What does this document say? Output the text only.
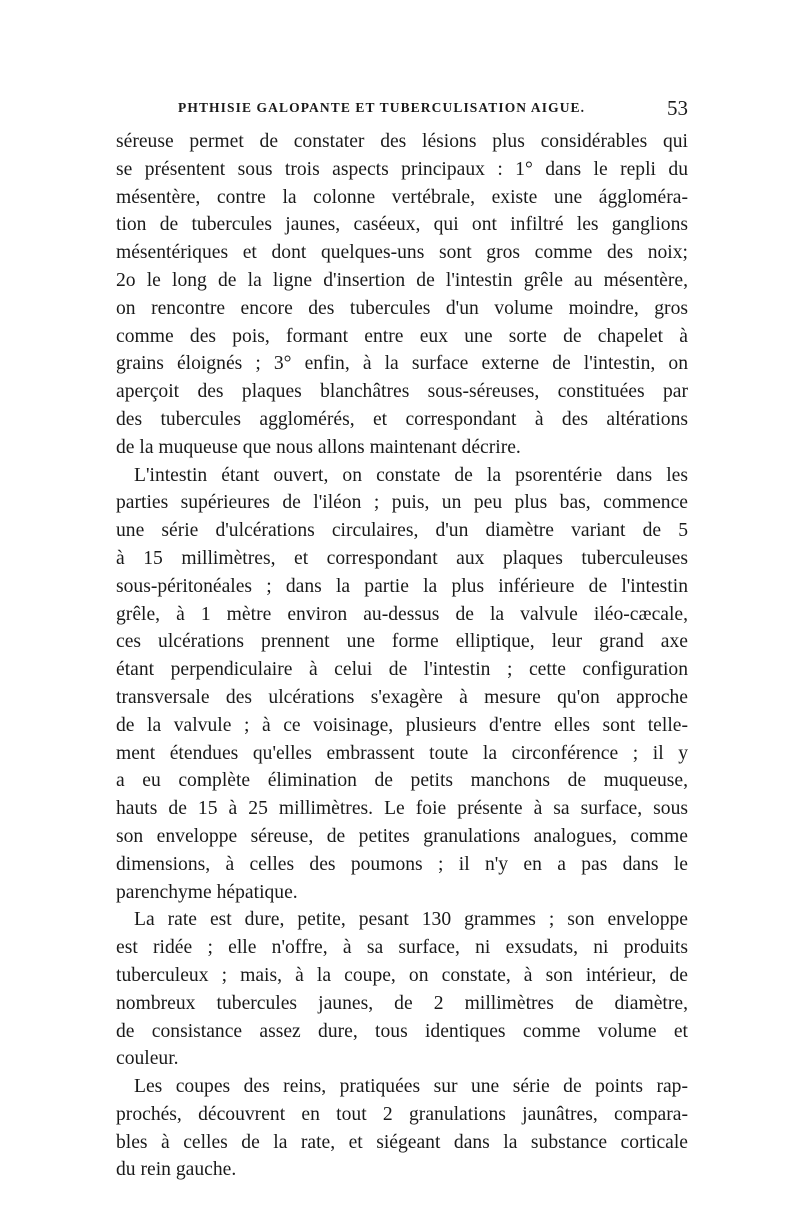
PHTHISIE GALOPANTE ET TUBERCULISATION AIGUE.	53

séreuse permet de constater des lésions plus considérables qui
se présentent sous trois aspects principaux : 1° dans le repli du
mésentère, contre la colonne vertébrale, existe une ággloméra-
tion de tubercules jaunes, caséeux, qui ont infiltré les ganglions
mésentériques et dont quelques-uns sont gros comme des noix;
2o le long de la ligne d'insertion de l'intestin grêle au mésentère,
on rencontre encore des tubercules d'un volume moindre, gros
comme des pois, formant entre eux une sorte de chapelet à
grains éloignés ; 3° enfin, à la surface externe de l'intestin, on
aperçoit des plaques blanchâtres sous-séreuses, constituées par
des tubercules agglomérés, et correspondant à des altérations
de la muqueuse que nous allons maintenant décrire.

L'intestin étant ouvert, on constate de la psorentérie dans les
parties supérieures de l'iléon ; puis, un peu plus bas, commence
une série d'ulcérations circulaires, d'un diamètre variant de 5
à 15 millimètres, et correspondant aux plaques tuberculeuses
sous-péritonéales ; dans la partie la plus inférieure de l'intestin
grêle, à 1 mètre environ au-dessus de la valvule iléo-cæcale,
ces ulcérations prennent une forme elliptique, leur grand axe
étant perpendiculaire à celui de l'intestin ; cette configuration
transversale des ulcérations s'exagère à mesure qu'on approche
de la valvule ; à ce voisinage, plusieurs d'entre elles sont telle-
ment étendues qu'elles embrassent toute la circonférence ; il y
a eu complète élimination de petits manchons de muqueuse,
hauts de 15 à 25 millimètres. Le foie présente à sa surface, sous
son enveloppe séreuse, de petites granulations analogues, comme
dimensions, à celles des poumons ; il n'y en a pas dans le
parenchyme hépatique.

La rate est dure, petite, pesant 130 grammes ; son enveloppe
est ridée ; elle n'offre, à sa surface, ni exsudats, ni produits
tuberculeux ; mais, à la coupe, on constate, à son intérieur, de
nombreux tubercules jaunes, de 2 millimètres de diamètre,
de consistance assez dure, tous identiques comme volume et
couleur.

Les coupes des reins, pratiquées sur une série de points rap-
prochés, découvrent en tout 2 granulations jaunâtres, compara-
bles à celles de la rate, et siégeant dans la substance corticale
du rein gauche.
